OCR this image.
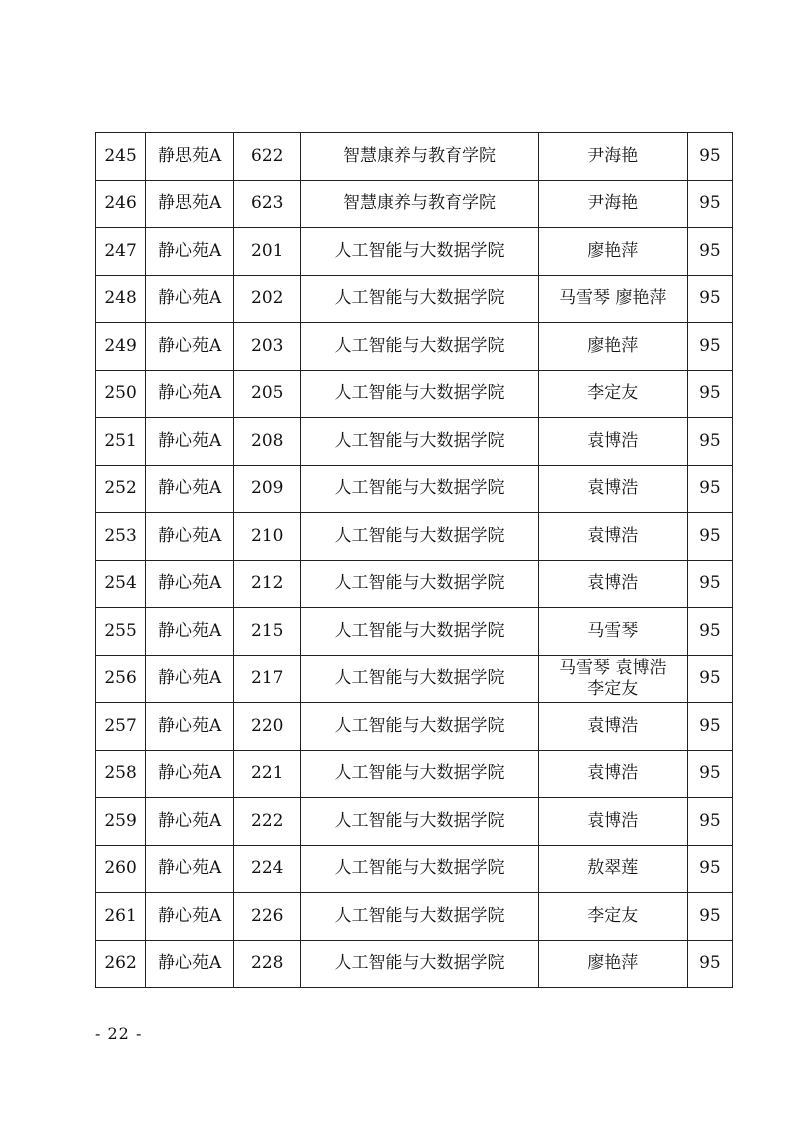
245	静思苑A	622	智慧康养与教育学院	尹海艳	95
246	静思苑A	623	智慧康养与教育学院	尹海艳	95
247	静心苑A	201	人工智能与大数据学院	廖艳萍	95
248	静心苑A	202	人工智能与大数据学院	马雪琴 廖艳萍	95
249	静心苑A	203	人工智能与大数据学院	廖艳萍	95
250	静心苑A	205	人工智能与大数据学院	李定友	95
251	静心苑A	208	人工智能与大数据学院	袁博浩	95
252	静心苑A	209	人工智能与大数据学院	袁博浩	95
253	静心苑A	210	人工智能与大数据学院	袁博浩	95
254	静心苑A	212	人工智能与大数据学院	袁博浩	95
255	静心苑A	215	人工智能与大数据学院	马雪琴	95
256	静心苑A	217	人工智能与大数据学院	马雪琴 袁博浩
李定友	95
257	静心苑A	220	人工智能与大数据学院	袁博浩	95
258	静心苑A	221	人工智能与大数据学院	袁博浩	95
259	静心苑A	222	人工智能与大数据学院	袁博浩	95
260	静心苑A	224	人工智能与大数据学院	敖翠莲	95
261	静心苑A	226	人工智能与大数据学院	李定友	95
262	静心苑A	228	人工智能与大数据学院	廖艳萍	95
- 22 -
